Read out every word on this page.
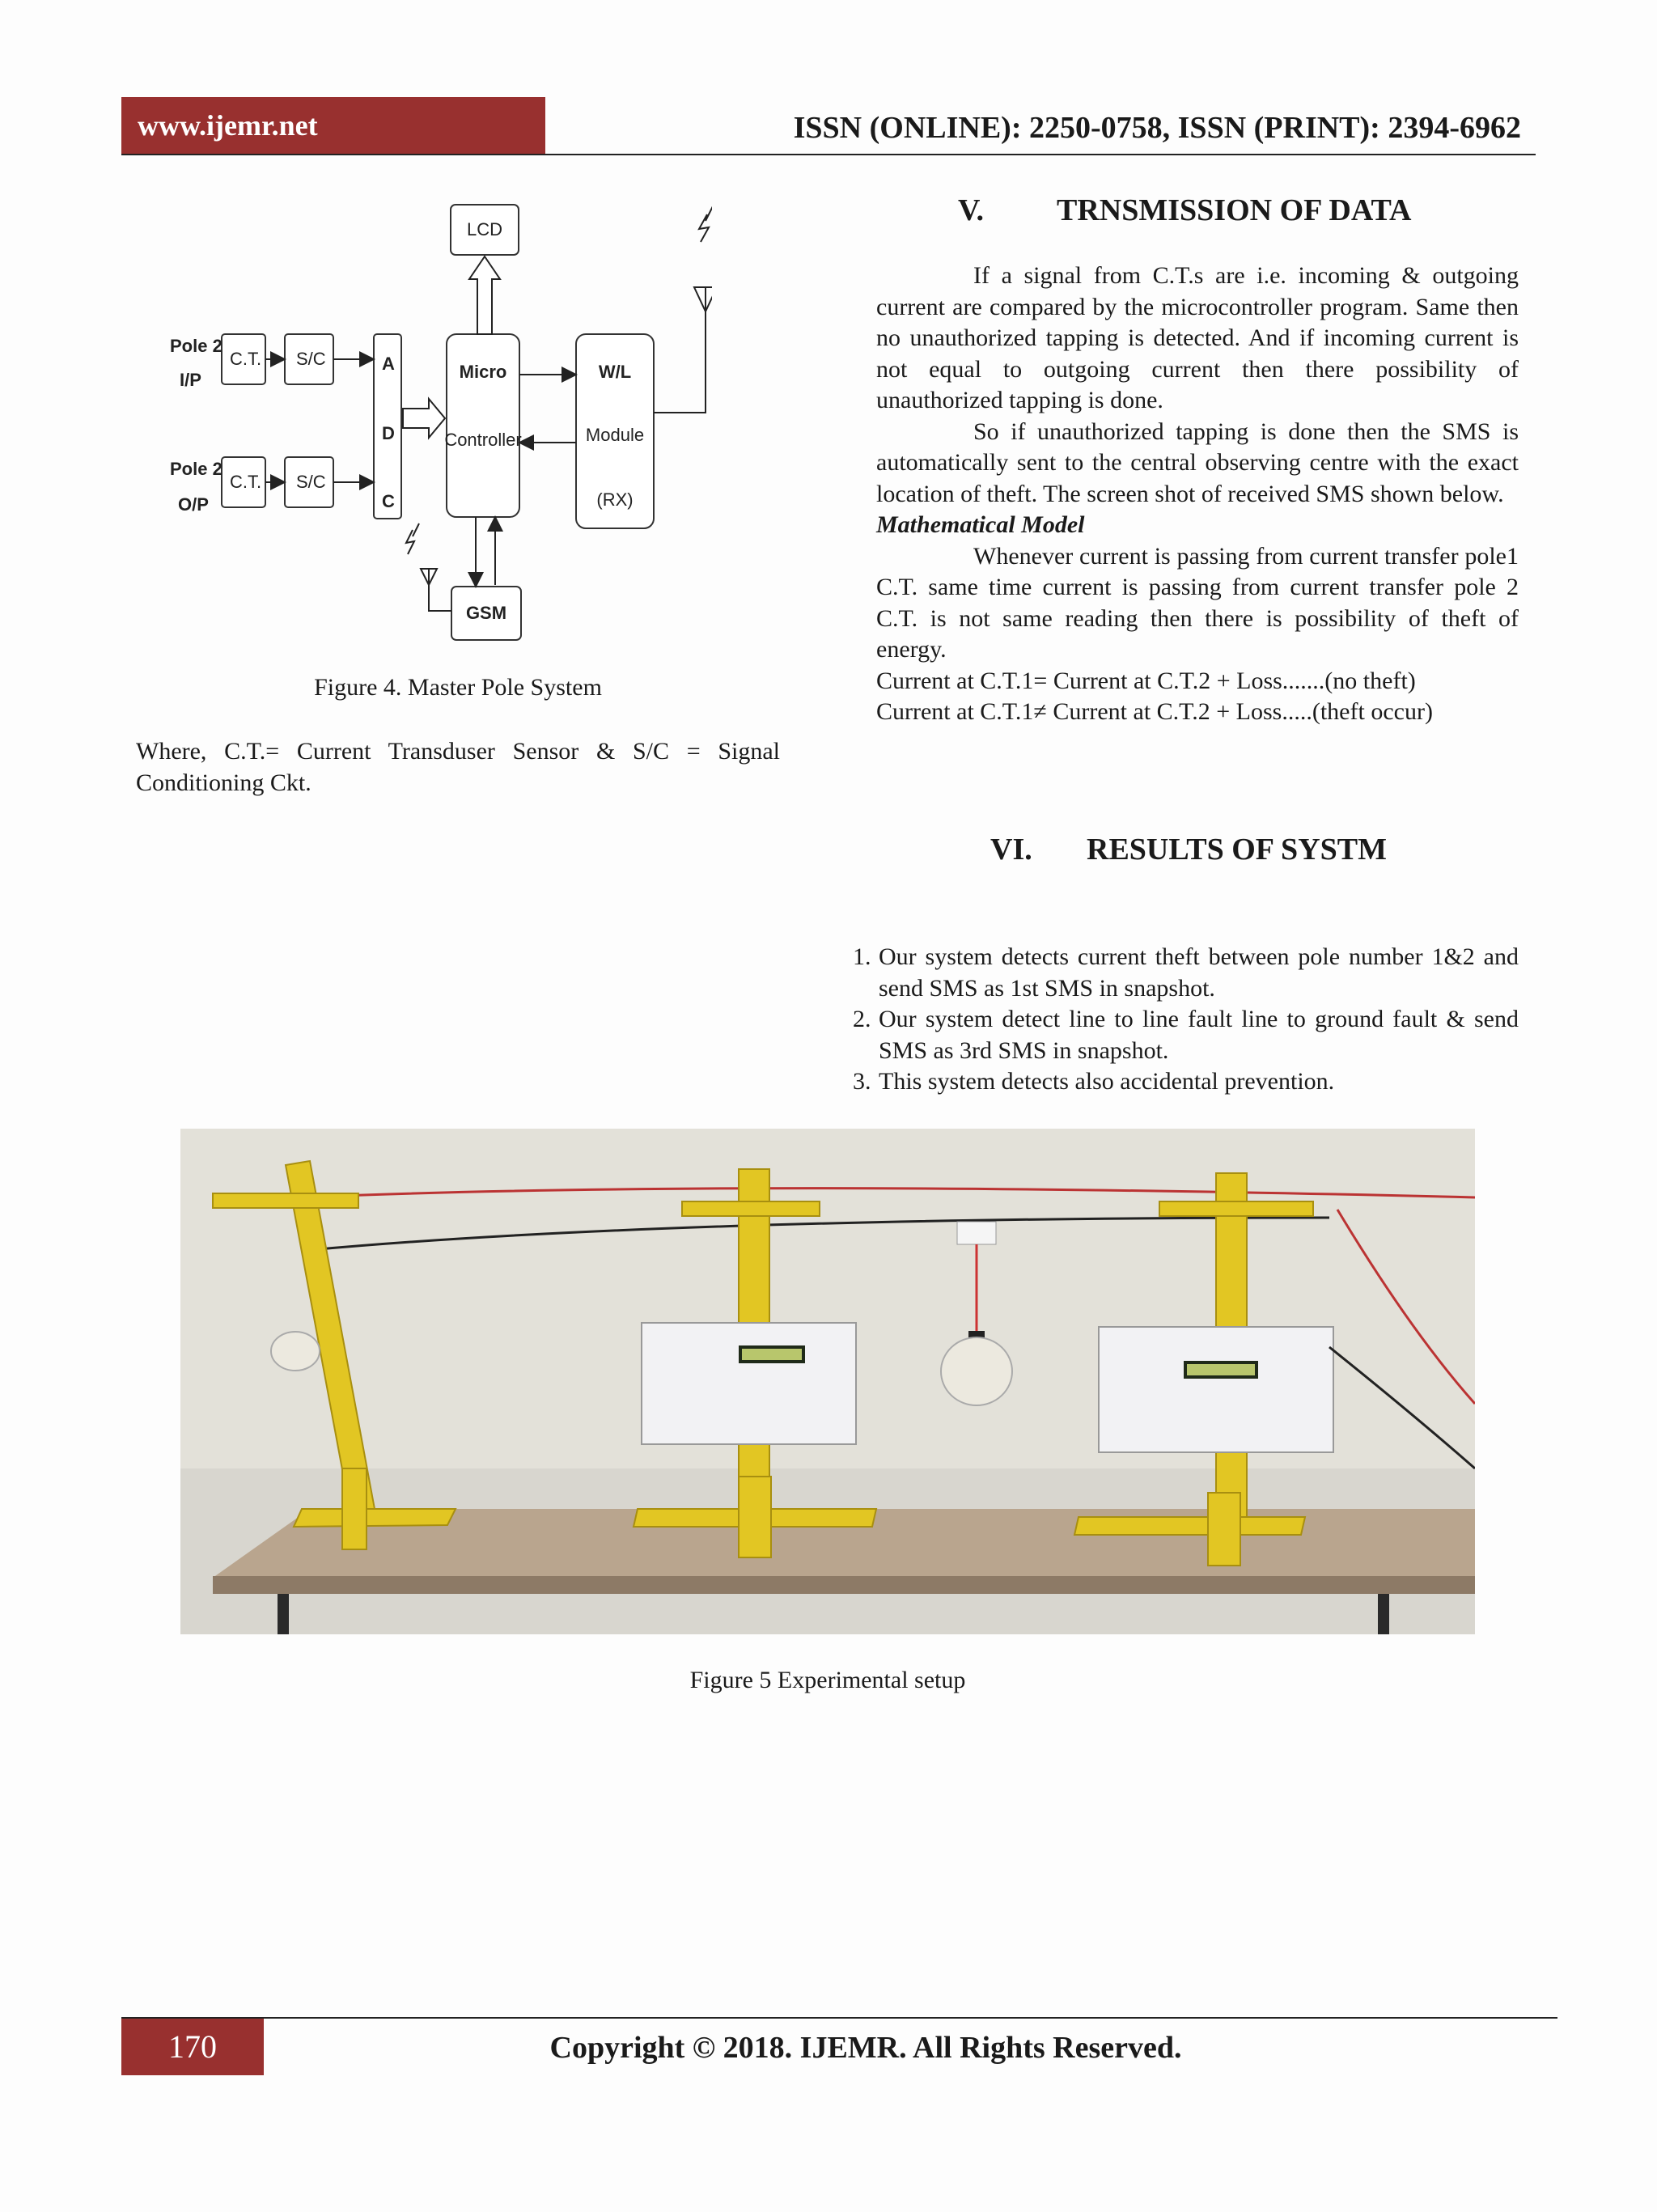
www.ijemr.net	ISSN (ONLINE): 2250-0758, ISSN (PRINT): 2394-6962
Pole 2
I/P
Pole 2
O/P
C.T.
C.T.
S/C
S/C
A
D
C
Micro
Controller
LCD
W/L
Module
(RX)
GSM
Figure 4. Master Pole System
Where, C.T.= Current Transduser Sensor & S/C = Signal Conditioning Ckt.
V. TRNSMISSION OF DATA
If a signal from C.T.s are i.e. incoming & outgoing current are compared by the microcontroller program. Same then no unauthorized tapping is detected. And if incoming current is not equal to outgoing current then there possibility of unauthorized tapping is done.
So if unauthorized tapping is done then the SMS is automatically sent to the central observing centre with the exact location of theft. The screen shot of received SMS shown below.
Mathematical Model
Whenever current is passing from current transfer pole1 C.T. same time current is passing from current transfer pole 2 C.T. is not same reading then there is possibility of theft of energy.
Current at C.T.1= Current at C.T.2 + Loss.......(no theft)
Current at C.T.1≠ Current at C.T.2 + Loss.....(theft occur)
VI. RESULTS OF SYSTM
1. Our system detects current theft between pole number 1&2 and send SMS as 1st SMS in snapshot.
2. Our system detect line to line fault line to ground fault & send SMS as 3rd SMS in snapshot.
3. This system detects also accidental prevention.
Figure 5 Experimental setup
170	Copyright © 2018. IJEMR. All Rights Reserved.
